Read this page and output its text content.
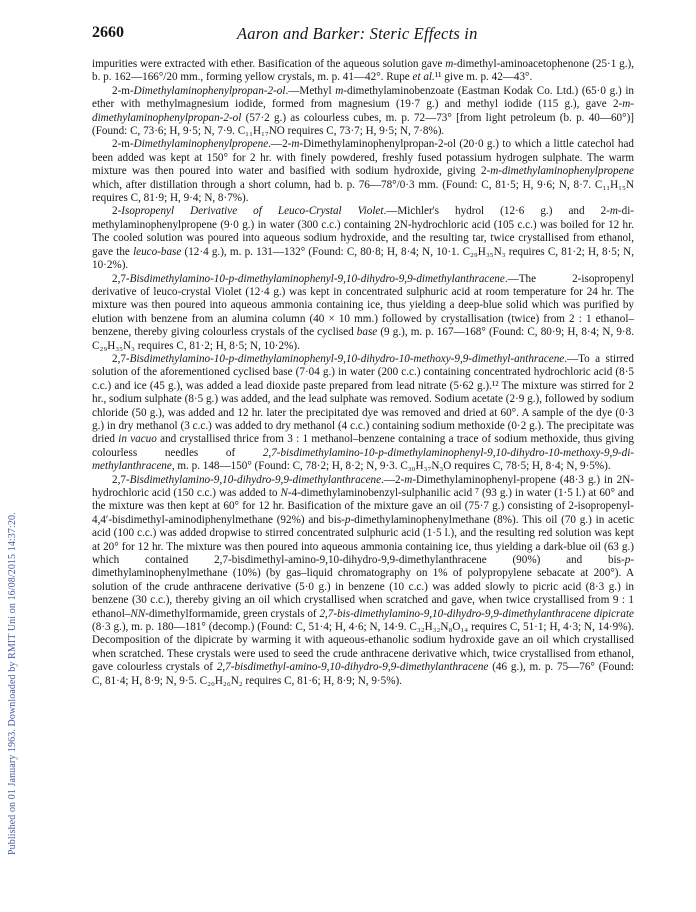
2660	Aaron and Barker: Steric Effects in
Published on 01 January 1963. Downloaded by RMIT Uni on 16/08/2015 14:37:20.

impurities were extracted with ether. Basification of the aqueous solution gave m-dimethyl-aminoacetophenone (25·1 g.), b. p. 162—166°/20 mm., forming yellow crystals, m. p. 41—42°. Rupe et al.¹¹ give m. p. 42—43°.

2-m-Dimethylaminophenylpropan-2-ol.—Methyl m-dimethylaminobenzoate (Eastman Kodak Co. Ltd.) (65·0 g.) in ether with methylmagnesium iodide, formed from magnesium (19·7 g.) and methyl iodide (115 g.), gave 2-m-dimethylaminophenylpropan-2-ol (57·2 g.) as colourless cubes, m. p. 72—73° [from light petroleum (b. p. 40—60°)] (Found: C, 73·6; H, 9·5; N, 7·9. C₁₁H₁₇NO requires C, 73·7; H, 9·5; N, 7·8%).

2-m-Dimethylaminophenylpropene.—2-m-Dimethylaminophenylpropan-2-ol (20·0 g.) to which a little catechol had been added was kept at 150° for 2 hr. with finely powdered, freshly fused potassium hydrogen sulphate. The warm mixture was then poured into water and basified with sodium hydroxide, giving 2-m-dimethylaminophenylpropene which, after distillation through a short column, had b. p. 76—78°/0·3 mm. (Found: C, 81·5; H, 9·6; N, 8·7. C₁₁H₁₅N requires C, 81·9; H, 9·4; N, 8·7%).

2-Isopropenyl Derivative of Leuco-Crystal Violet.—Michler's hydrol (12·6 g.) and 2-m-di-methylaminophenylpropene (9·0 g.) in water (300 c.c.) containing 2N-hydrochloric acid (105 c.c.) was boiled for 12 hr. The cooled solution was poured into aqueous sodium hydroxide, and the resulting tar, twice crystallised from ethanol, gave the leuco-base (12·4 g.), m. p. 131—132° (Found: C, 80·8; H, 8·4; N, 10·1. C₂₉H₃₅N₃ requires C, 81·2; H, 8·5; N, 10·2%).

2,7-Bisdimethylamino-10-p-dimethylaminophenyl-9,10-dihydro-9,9-dimethylanthracene.—The 2-isopropenyl derivative of leuco-crystal Violet (12·4 g.) was kept in concentrated sulphuric acid at room temperature for 24 hr. The mixture was then poured into aqueous ammonia containing ice, thus yielding a deep-blue solid which was purified by elution with benzene from an alumina column (40 × 10 mm.) followed by crystallisation (twice) from 2 : 1 ethanol–benzene, thereby giving colourless crystals of the cyclised base (9 g.), m. p. 167—168° (Found: C, 80·9; H, 8·4; N, 9·8. C₂₉H₃₅N₃ requires C, 81·2; H, 8·5; N, 10·2%).

2,7-Bisdimethylamino-10-p-dimethylaminophenyl-9,10-dihydro-10-methoxy-9,9-dimethyl-anthracene.—To a stirred solution of the aforementioned cyclised base (7·04 g.) in water (200 c.c.) containing concentrated hydrochloric acid (8·5 c.c.) and ice (45 g.), was added a lead dioxide paste prepared from lead nitrate (5·62 g.).¹² The mixture was stirred for 2 hr., sodium sulphate (8·5 g.) was added, and the lead sulphate was removed. Sodium acetate (2·9 g.), followed by sodium chloride (50 g.), was added and 12 hr. later the precipitated dye was removed and dried at 60°. A sample of the dye (0·3 g.) in dry methanol (3 c.c.) was added to dry methanol (4 c.c.) containing sodium methoxide (0·2 g.). The precipitate was dried in vacuo and crystallised thrice from 3 : 1 methanol–benzene containing a trace of sodium methoxide, thus giving colourless needles of 2,7-bisdimethylamino-10-p-dimethylaminophenyl-9,10-dihydro-10-methoxy-9,9-di-methylanthracene, m. p. 148—150° (Found: C, 78·2; H, 8·2; N, 9·3. C₃₀H₃₇N₃O requires C, 78·5; H, 8·4; N, 9·5%).

2,7-Bisdimethylamino-9,10-dihydro-9,9-dimethylanthracene.—2-m-Dimethylaminophenyl-propene (48·3 g.) in 2N-hydrochloric acid (150 c.c.) was added to N-4-dimethylaminobenzyl-sulphanilic acid ⁷ (93 g.) in water (1·5 l.) at 60° and the mixture was then kept at 60° for 12 hr. Basification of the mixture gave an oil (75·7 g.) consisting of 2-isopropenyl-4,4′-bisdimethyl-aminodiphenylmethane (92%) and bis-p-dimethylaminophenylmethane (8%). This oil (70 g.) in acetic acid (100 c.c.) was added dropwise to stirred concentrated sulphuric acid (1·5 l.), and the resulting red solution was kept at 20° for 12 hr. The mixture was then poured into aqueous ammonia containing ice, thus yielding a dark-blue oil (63 g.) which contained 2,7-bisdimethyl-amino-9,10-dihydro-9,9-dimethylanthracene (90%) and bis-p-dimethylaminophenylmethane (10%) (by gas–liquid chromatography on 1% of polypropylene sebacate at 200°). A solution of the crude anthracene derivative (5·0 g.) in benzene (10 c.c.) was added slowly to picric acid (8·3 g.) in benzene (30 c.c.), thereby giving an oil which crystallised when scratched and gave, when twice crystallised from 9 : 1 ethanol–NN-dimethylformamide, green crystals of 2,7-bis-dimethylamino-9,10-dihydro-9,9-dimethylanthracene dipicrate (8·3 g.), m. p. 180—181° (decomp.) (Found: C, 51·4; H, 4·6; N, 14·9. C₃₂H₃₂N₈O₁₄ requires C, 51·1; H, 4·3; N, 14·9%). Decomposition of the dipicrate by warming it with aqueous-ethanolic sodium hydroxide gave an oil which crystallised when scratched. These crystals were used to seed the crude anthracene derivative which, twice crystallised from ethanol, gave colourless crystals of 2,7-bisdimethyl-amino-9,10-dihydro-9,9-dimethylanthracene (46 g.), m. p. 75—76° (Found: C, 81·4; H, 8·9; N, 9·5. C₂₀H₂₆N₂ requires C, 81·6; H, 8·9; N, 9·5%).
